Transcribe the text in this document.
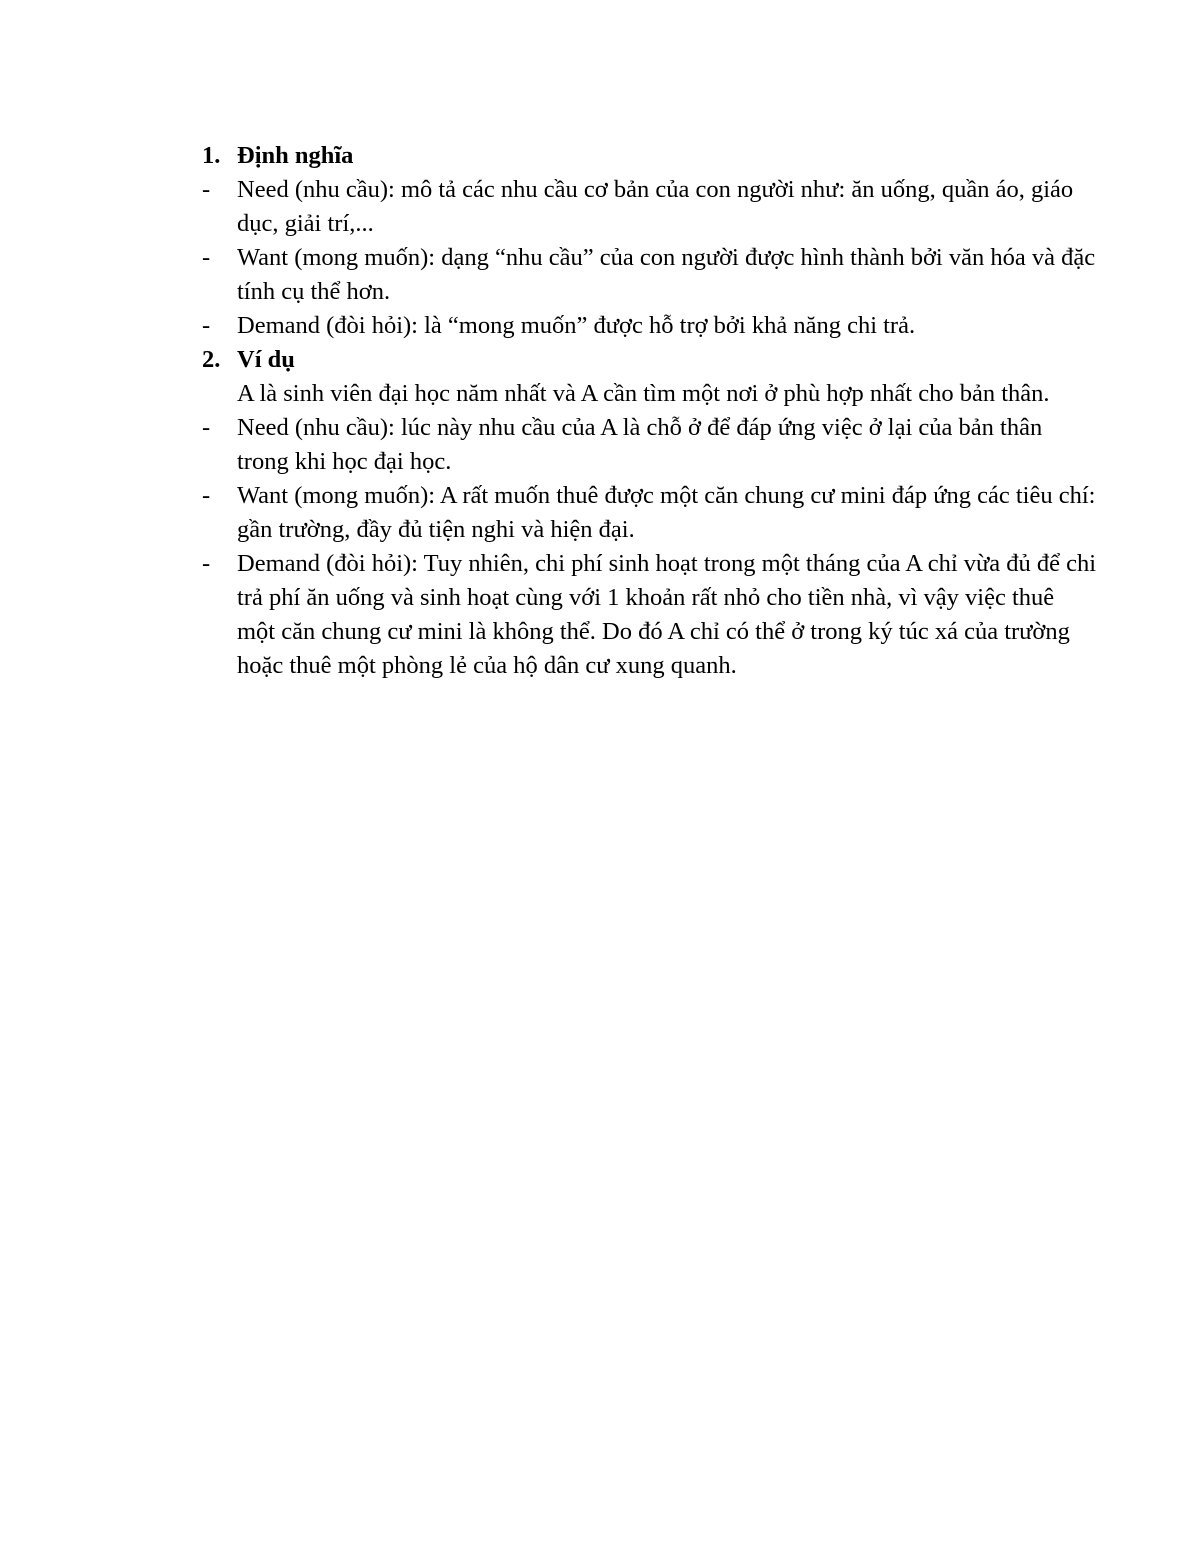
1. Định nghĩa
- Need (nhu cầu): mô tả các nhu cầu cơ bản của con người như: ăn uống, quần áo, giáo dục, giải trí,...
- Want (mong muốn): dạng “nhu cầu” của con người được hình thành bởi văn hóa và đặc tính cụ thể hơn.
- Demand (đòi hỏi): là “mong muốn” được hỗ trợ bởi khả năng chi trả.
2. Ví dụ
A là sinh viên đại học năm nhất và A cần tìm một nơi ở phù hợp nhất cho bản thân.
- Need (nhu cầu): lúc này nhu cầu của A là chỗ ở để đáp ứng việc ở lại của bản thân trong khi học đại học.
- Want (mong muốn): A rất muốn thuê được một căn chung cư mini đáp ứng các tiêu chí: gần trường, đầy đủ tiện nghi và hiện đại.
- Demand (đòi hỏi): Tuy nhiên, chi phí sinh hoạt trong một tháng của A chỉ vừa đủ để chi trả phí ăn uống và sinh hoạt cùng với 1 khoản rất nhỏ cho tiền nhà, vì vậy việc thuê một căn chung cư mini là không thể. Do đó A chỉ có thể ở trong ký túc xá của trường hoặc thuê một phòng lẻ của hộ dân cư xung quanh.
